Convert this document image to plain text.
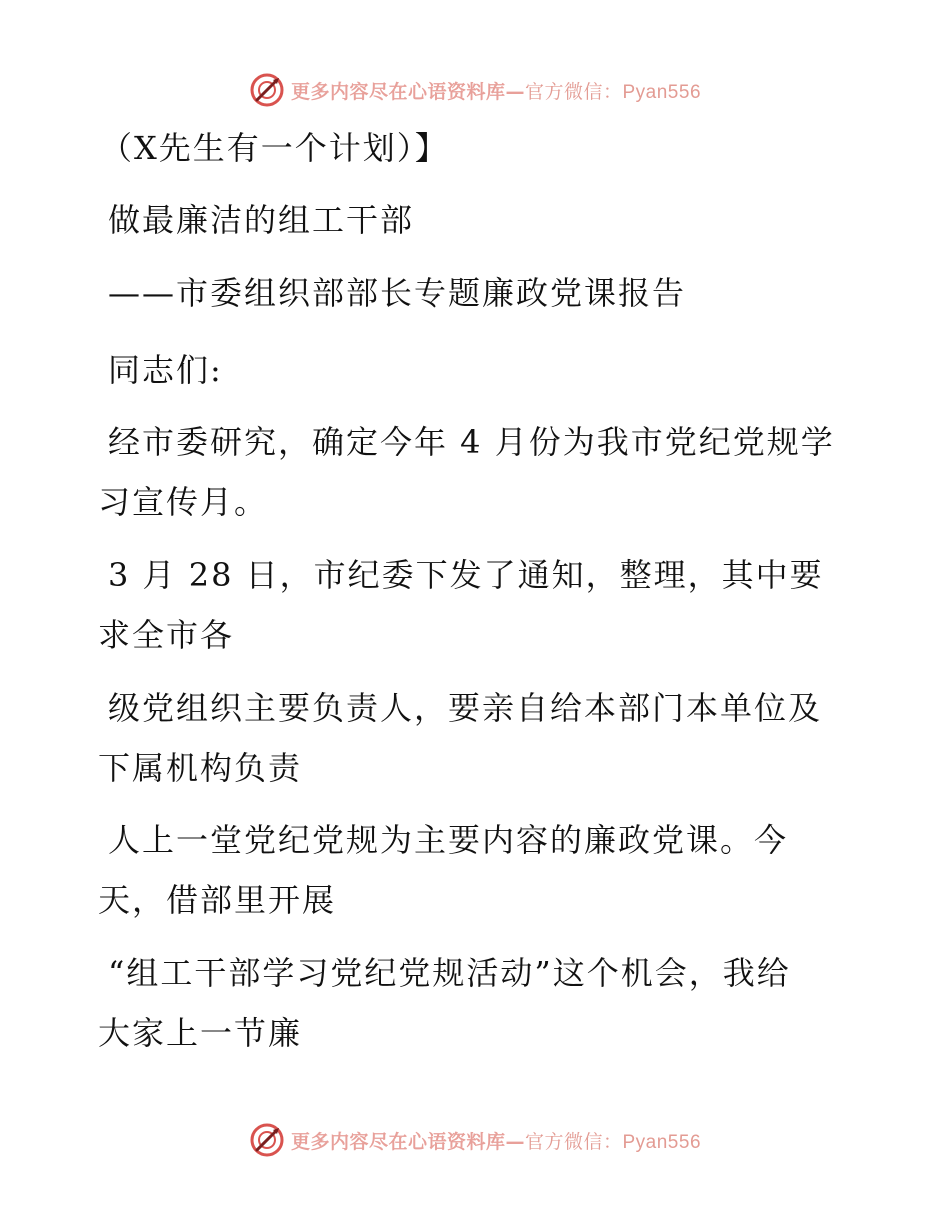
更多内容尽在心语资料库—官方微信：Pyan556
（X先生有一个计划）】
做最廉洁的组工干部
——市委组织部部长专题廉政党课报告
同志们:
经市委研究，确定今年 4 月份为我市党纪党规学
习宣传月。
3 月 28 日，市纪委下发了通知，整理，其中要
求全市各
级党组织主要负责人，要亲自给本部门本单位及
下属机构负责
人上一堂党纪党规为主要内容的廉政党课。今
天，借部里开展
“组工干部学习党纪党规活动”这个机会，我给
大家上一节廉
更多内容尽在心语资料库—官方微信：Pyan556
